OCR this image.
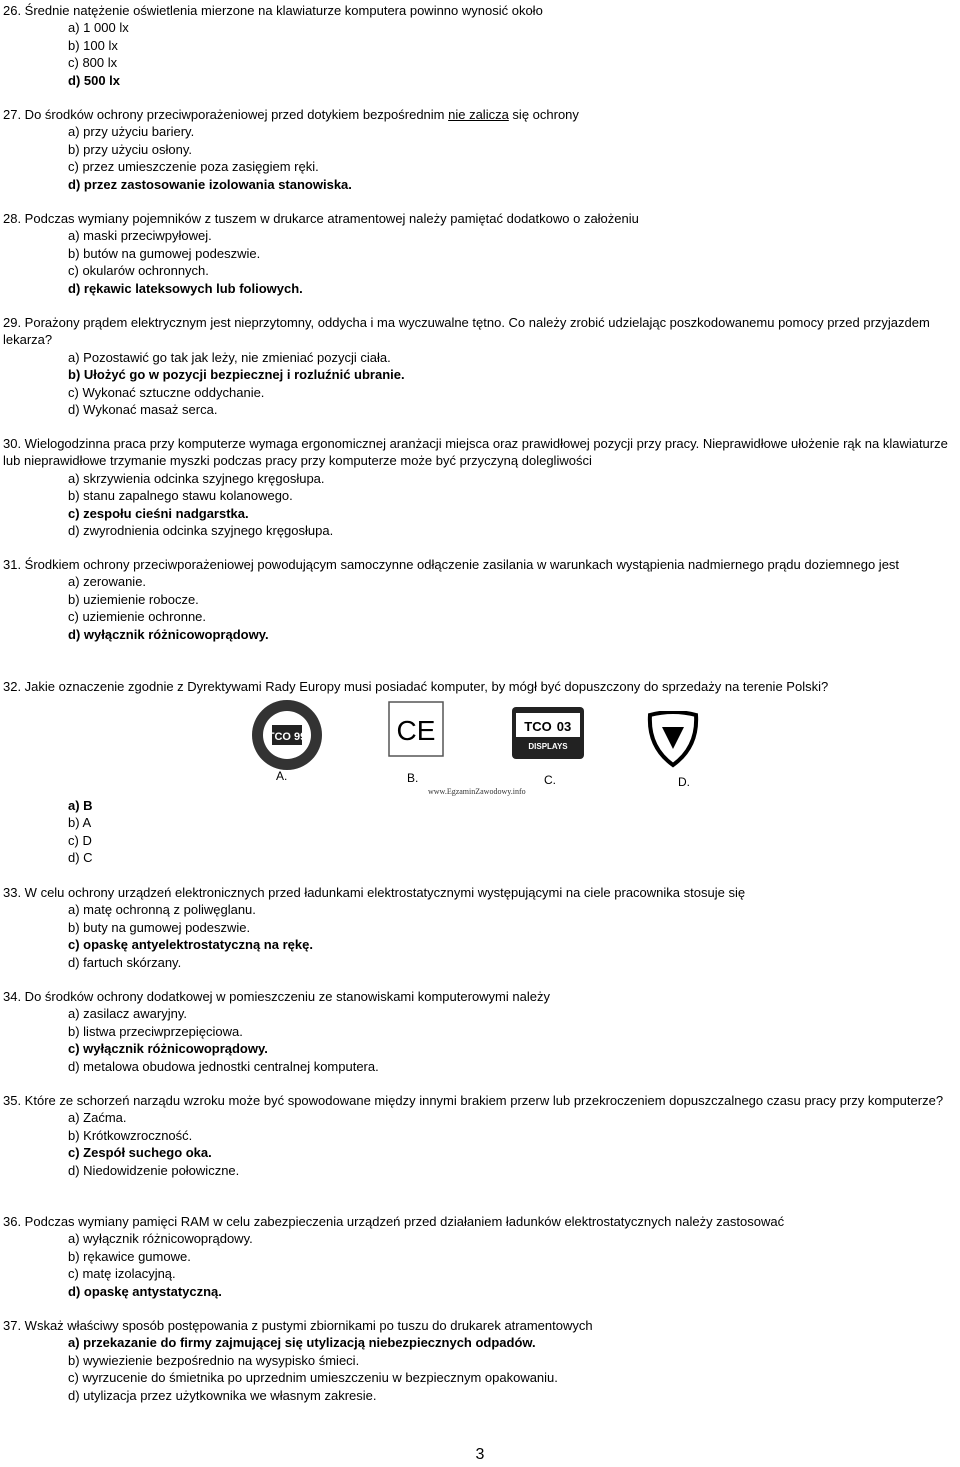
26. Średnie natężenie oświetlenia mierzone na klawiaturze komputera powinno wynosić około
a) 1 000 lx
b) 100 lx
c) 800 lx
d) 500 lx
27. Do środków ochrony przeciwporażeniowej przed dotykiem bezpośrednim nie zalicza się ochrony
a) przy użyciu bariery.
b) przy użyciu osłony.
c) przez umieszczenie poza zasięgiem ręki.
d) przez zastosowanie izolowania stanowiska.
28. Podczas wymiany pojemników z tuszem w drukarce atramentowej należy pamiętać dodatkowo o założeniu
a) maski przeciwpyłowej.
b) butów na gumowej podeszwie.
c) okularów ochronnych.
d) rękawic lateksowych lub foliowych.
29. Porażony prądem elektrycznym jest nieprzytomny, oddycha i ma wyczuwalne tętno. Co należy zrobić udzielając poszkodowanemu pomocy przed przyjazdem lekarza?
a) Pozostawić go tak jak leży, nie zmieniać pozycji ciała.
b) Ułożyć go w pozycji bezpiecznej i rozluźnić ubranie.
c) Wykonać sztuczne oddychanie.
d) Wykonać masaż serca.
30. Wielogodzinna praca przy komputerze wymaga ergonomicznej aranżacji miejsca oraz prawidłowej pozycji przy pracy. Nieprawidłowe ułożenie rąk na klawiaturze lub nieprawidłowe trzymanie myszki podczas pracy przy komputerze może być przyczyną dolegliwości
a) skrzywienia odcinka szyjnego kręgosłupa.
b) stanu zapalnego stawu kolanowego.
c) zespołu cieśni nadgarstka.
d) zwyrodnienia odcinka szyjnego kręgosłupa.
31. Środkiem ochrony przeciwporażeniowej powodującym samoczynne odłączenie zasilania w warunkach wystąpienia nadmiernego prądu doziemnego jest
a) zerowanie.
b) uziemienie robocze.
c) uziemienie ochronne.
d) wyłącznik różnicowoprądowy.
32. Jakie oznaczenie zgodnie z Dyrektywami Rady Europy musi posiadać komputer, by mógł być dopuszczony do sprzedaży na terenie Polski?
TCO 99	CE	TCO 03
DISPLAYS
A.	B.	C.	D.
www.EgzaminZawodowy.info
a) B
b) A
c) D
d) C
33. W celu ochrony urządzeń elektronicznych przed ładunkami elektrostatycznymi występującymi na ciele pracownika stosuje się
a) matę ochronną z poliwęglanu.
b) buty na gumowej podeszwie.
c) opaskę antyelektrostatyczną na rękę.
d) fartuch skórzany.
34. Do środków ochrony dodatkowej w pomieszczeniu ze stanowiskami komputerowymi należy
a) zasilacz awaryjny.
b) listwa przeciwprzepięciowa.
c) wyłącznik różnicowoprądowy.
d) metalowa obudowa jednostki centralnej komputera.
35. Które ze schorzeń narządu wzroku może być spowodowane między innymi brakiem przerw lub przekroczeniem dopuszczalnego czasu pracy przy komputerze?
a) Zaćma.
b) Krótkowzroczność.
c) Zespół suchego oka.
d) Niedowidzenie połowiczne.
36. Podczas wymiany pamięci RAM w celu zabezpieczenia urządzeń przed działaniem ładunków elektrostatycznych należy zastosować
a) wyłącznik różnicowoprądowy.
b) rękawice gumowe.
c) matę izolacyjną.
d) opaskę antystatyczną.
37. Wskaż właściwy sposób postępowania z pustymi zbiornikami po tuszu do drukarek atramentowych
a) przekazanie do firmy zajmującej się utylizacją niebezpiecznych odpadów.
b) wywiezienie bezpośrednio na wysypisko śmieci.
c) wyrzucenie do śmietnika po uprzednim umieszczeniu w bezpiecznym opakowaniu.
d) utylizacja przez użytkownika we własnym zakresie.
3
